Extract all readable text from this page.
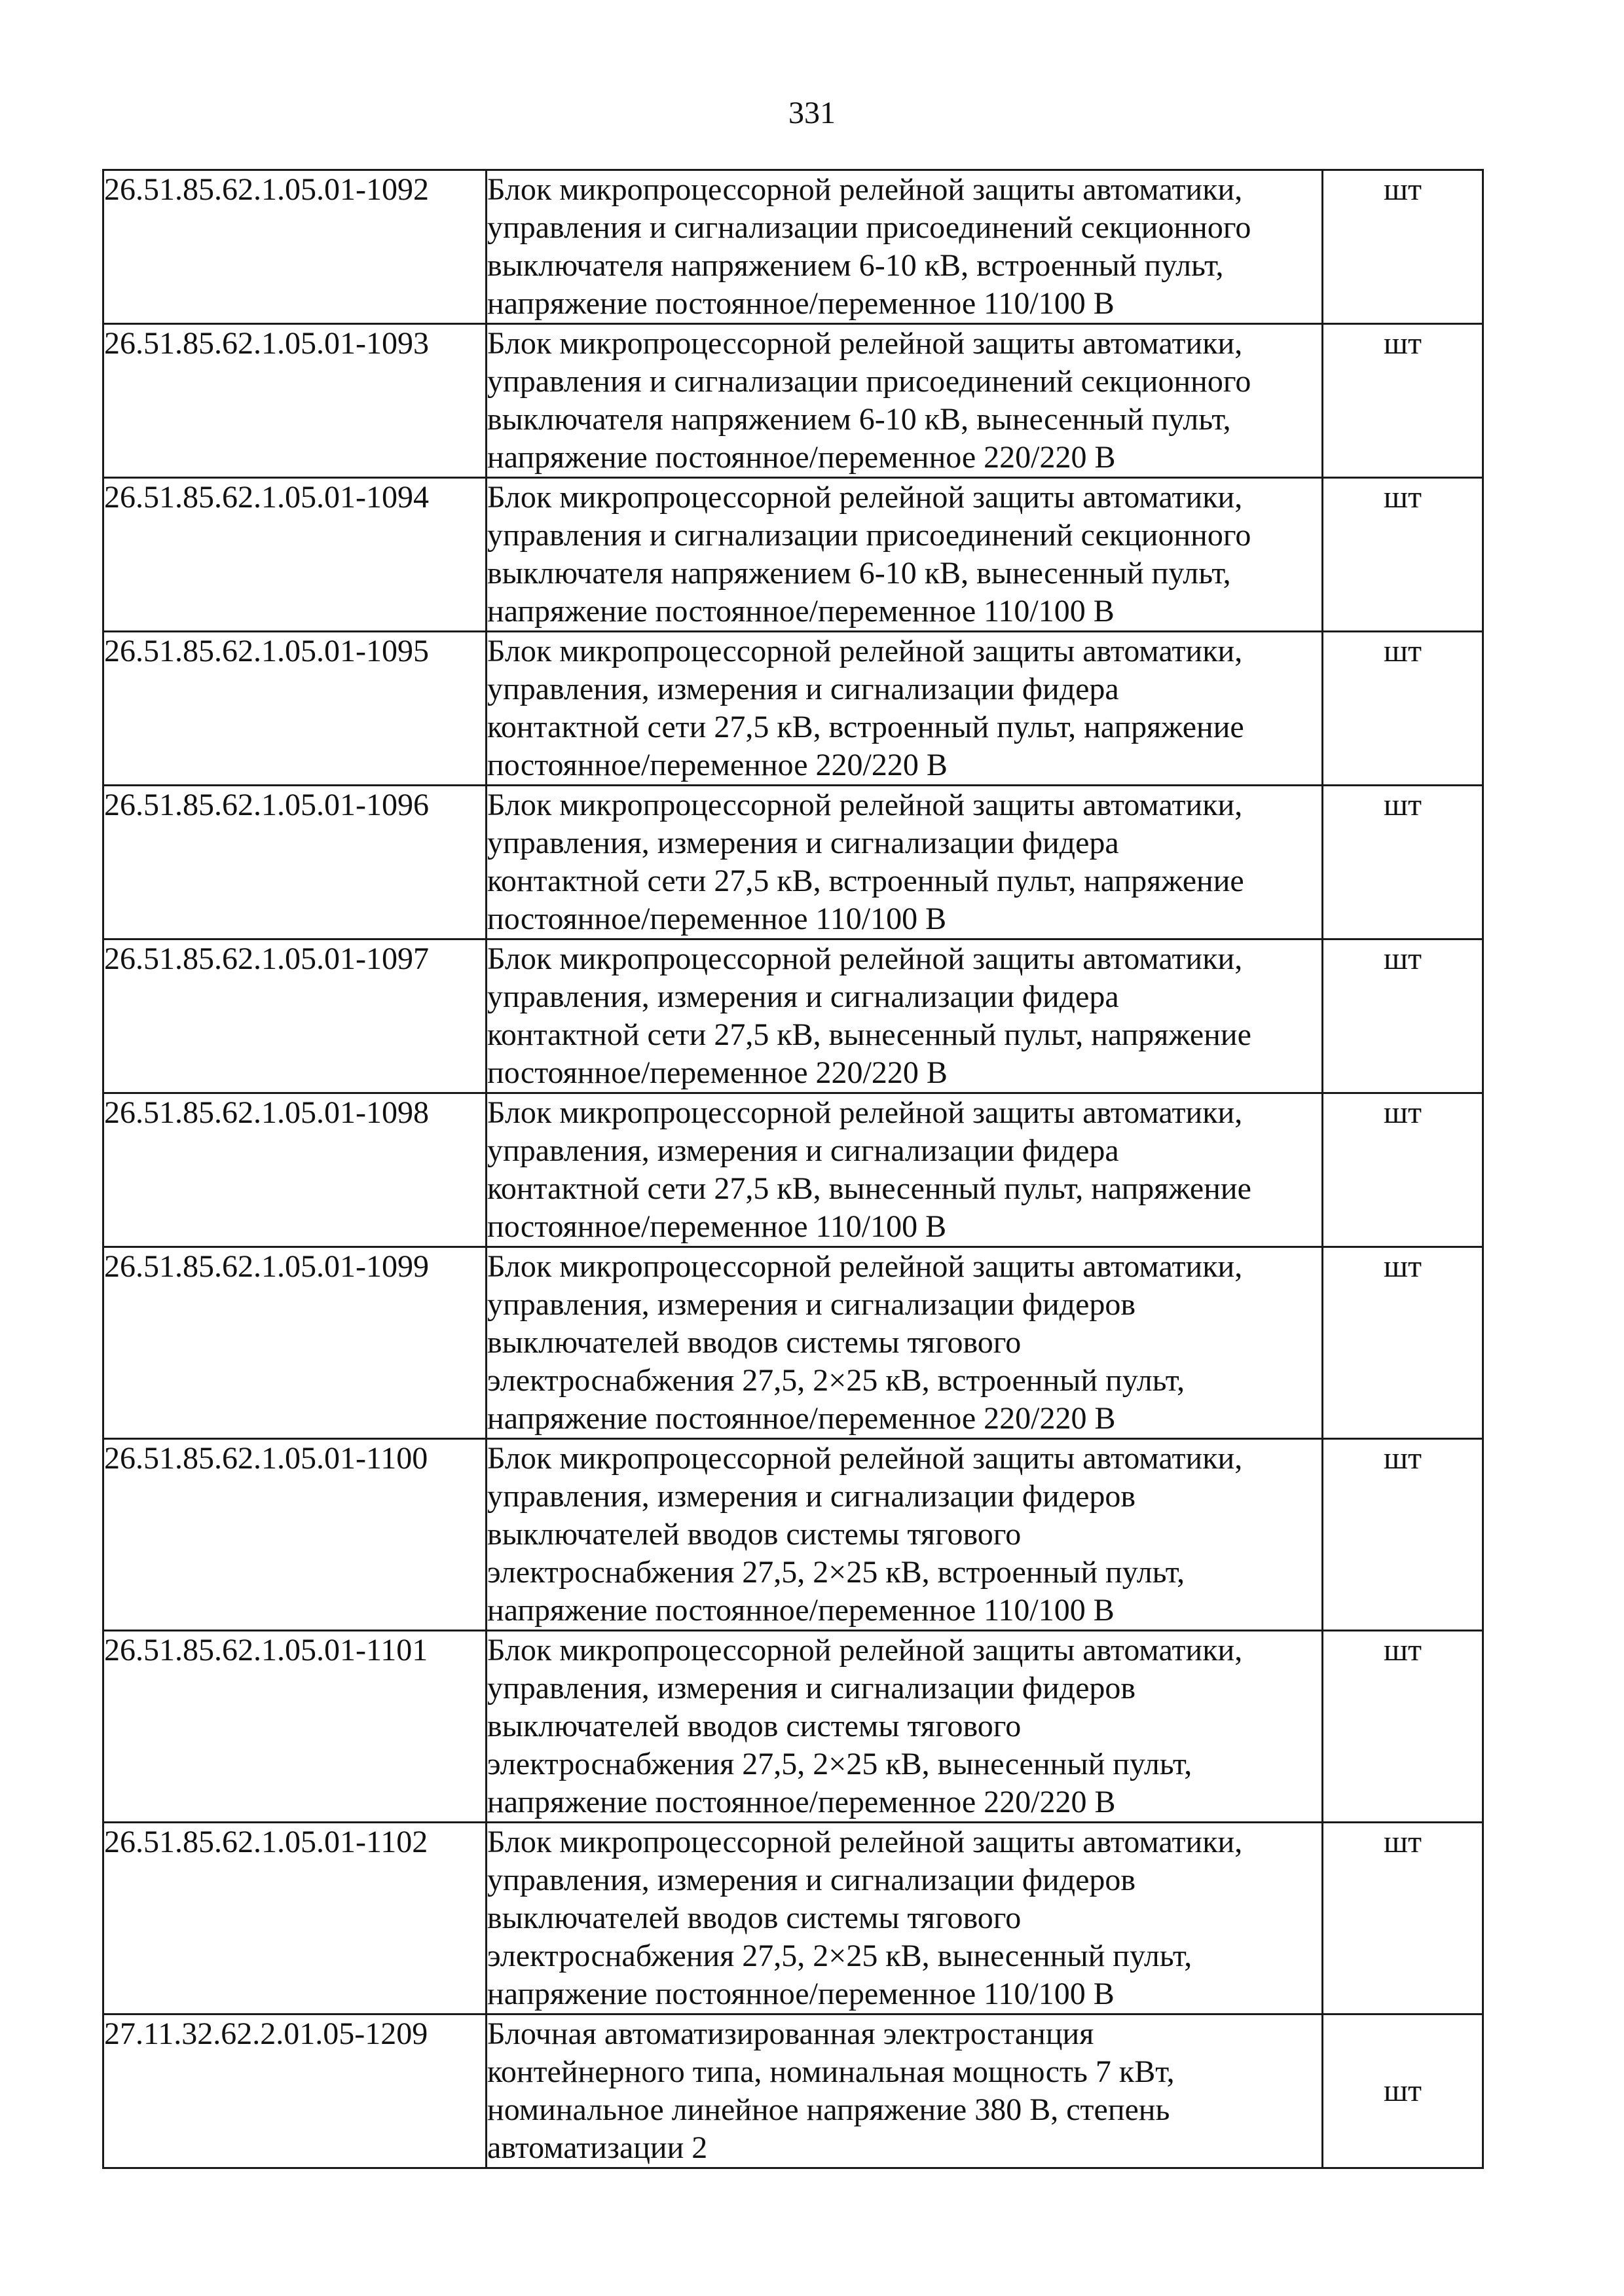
331
26.51.85.62.1.05.01-1092	Блок микропроцессорной релейной защиты автоматики,
управления и сигнализации присоединений секционного
выключателя напряжением 6-10 кВ, встроенный пульт,
напряжение постоянное/переменное 110/100 В	шт
26.51.85.62.1.05.01-1093	Блок микропроцессорной релейной защиты автоматики,
управления и сигнализации присоединений секционного
выключателя напряжением 6-10 кВ, вынесенный пульт,
напряжение постоянное/переменное 220/220 В	шт
26.51.85.62.1.05.01-1094	Блок микропроцессорной релейной защиты автоматики,
управления и сигнализации присоединений секционного
выключателя напряжением 6-10 кВ, вынесенный пульт,
напряжение постоянное/переменное 110/100 В	шт
26.51.85.62.1.05.01-1095	Блок микропроцессорной релейной защиты автоматики,
управления, измерения и сигнализации фидера
контактной сети 27,5 кВ, встроенный пульт, напряжение
постоянное/переменное 220/220 В	шт
26.51.85.62.1.05.01-1096	Блок микропроцессорной релейной защиты автоматики,
управления, измерения и сигнализации фидера
контактной сети 27,5 кВ, встроенный пульт, напряжение
постоянное/переменное 110/100 В	шт
26.51.85.62.1.05.01-1097	Блок микропроцессорной релейной защиты автоматики,
управления, измерения и сигнализации фидера
контактной сети 27,5 кВ, вынесенный пульт, напряжение
постоянное/переменное 220/220 В	шт
26.51.85.62.1.05.01-1098	Блок микропроцессорной релейной защиты автоматики,
управления, измерения и сигнализации фидера
контактной сети 27,5 кВ, вынесенный пульт, напряжение
постоянное/переменное 110/100 В	шт
26.51.85.62.1.05.01-1099	Блок микропроцессорной релейной защиты автоматики,
управления, измерения и сигнализации фидеров
выключателей вводов системы тягового
электроснабжения 27,5, 2×25 кВ, встроенный пульт,
напряжение постоянное/переменное 220/220 В	шт
26.51.85.62.1.05.01-1100	Блок микропроцессорной релейной защиты автоматики,
управления, измерения и сигнализации фидеров
выключателей вводов системы тягового
электроснабжения 27,5, 2×25 кВ, встроенный пульт,
напряжение постоянное/переменное 110/100 В	шт
26.51.85.62.1.05.01-1101	Блок микропроцессорной релейной защиты автоматики,
управления, измерения и сигнализации фидеров
выключателей вводов системы тягового
электроснабжения 27,5, 2×25 кВ, вынесенный пульт,
напряжение постоянное/переменное 220/220 В	шт
26.51.85.62.1.05.01-1102	Блок микропроцессорной релейной защиты автоматики,
управления, измерения и сигнализации фидеров
выключателей вводов системы тягового
электроснабжения 27,5, 2×25 кВ, вынесенный пульт,
напряжение постоянное/переменное 110/100 В	шт
27.11.32.62.2.01.05-1209	Блочная автоматизированная электростанция
контейнерного типа, номинальная мощность 7 кВт,
номинальное линейное напряжение 380 В, степень
автоматизации 2	шт
